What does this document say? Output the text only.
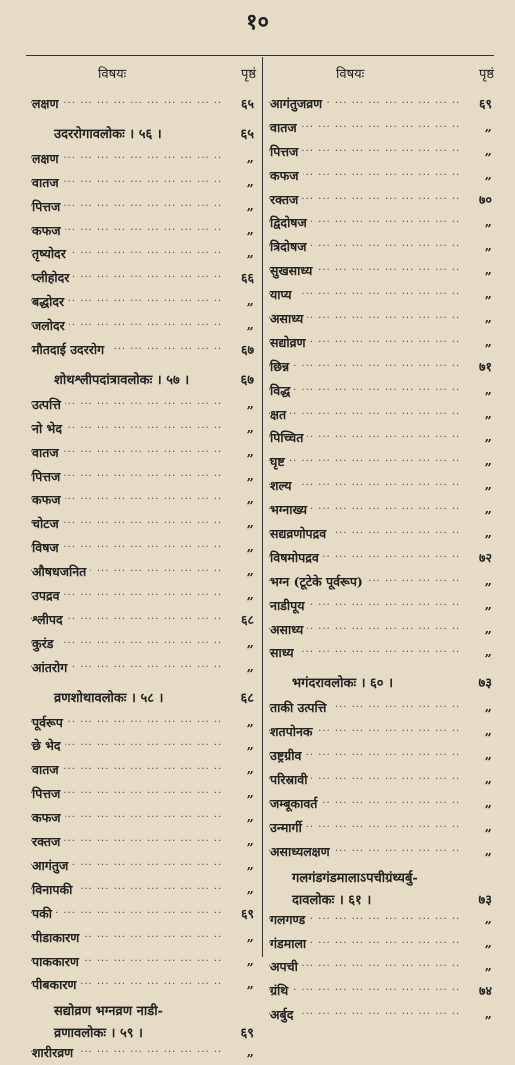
१०
विषयः	पृष्ठं
... .
लक्षण	६५
उदररोगावलोकः । ५६ ।	६५
... .
लक्षण	„
... .
वातज	„
... .
पित्तज	„
... .
कफज	„
... .
तृष्योदर	„
... .
प्लीहोदर	६६
... .
बद्धोदर	„
... .
जलोदर	„
... .
मौतदाई उदररोग	६७
शोथश्लीपदांत्रावलोकः । ५७ ।	६७
... .
उत्पत्ति	„
... .
नो भेद	„
... .
वातज	„
... .
पित्तज	„
... .
कफज	„
... .
चोटज	„
... .
विषज	„
... .
औषधजनित	„
... .
उपद्रव	„
... .
श्लीपद	६८
... .
कुरंड	„
... .
आंतरोग	„
व्रणशोथावलोकः । ५८ ।	६८
... .
पूर्वरूप	„
... .
छे भेद	„
... .
वातज	„
... .
पित्तज	„
... .
कफज	„
... .
रक्तज	„
... .
आगंतुज	„
... .
विनापकी	„
... .
पकी	६९
... .
पीडाकारण	„
... .
पाककारण	„
... .
पीबकारण	„
सद्योव्रण भग्नव्रण नाडी-
व्रणावलोकः । ५९ ।	६९
... .
शारीरव्रण	„
विषयः	पृष्ठं
... .
आगंतुजव्रण	६९
... .
वातज	„
... .
पित्तज	„
... .
कफज	„
... .
रक्तज	७०
... .
द्विदोषज	„
... .
त्रिदोषज	„
... .
सुखसाध्य	„
... .
याप्य	„
... .
असाध्य	„
... .
सद्योव्रण	„
... .
छिन्न	७१
... .
विद्ध	„
... .
क्षत	„
... .
पिच्चित	„
... .
घृष्ट	„
... .
शल्य	„
... .
भग्नाख्य	„
... .
सद्यव्रणोपद्रव	„
... .
विषमोपद्रव	७२
... .
भग्न (टूटेके पूर्वरूप)	„
... .
नाडीपूय	„
... .
असाध्य	„
... .
साध्य	„
भगंदरावलोकः । ६० ।	७३
... .
ताकी उत्पत्ति	„
... .
शतपोनक	„
... .
उष्ट्रग्रीव	„
... .
परिस्रावी	„
... .
जम्बूकावर्त	„
... .
उन्मार्गी	„
... .
असाध्यलक्षण	„
गलगंडगंडमालाऽपचीग्रंथ्यर्बु-
दावलोकः । ६१ ।	७३
... .
गलगण्ड	„
... .
गंडमाला	„
... .
अपची	„
... .
ग्रंथि	७४
... .
अर्बुद	„
